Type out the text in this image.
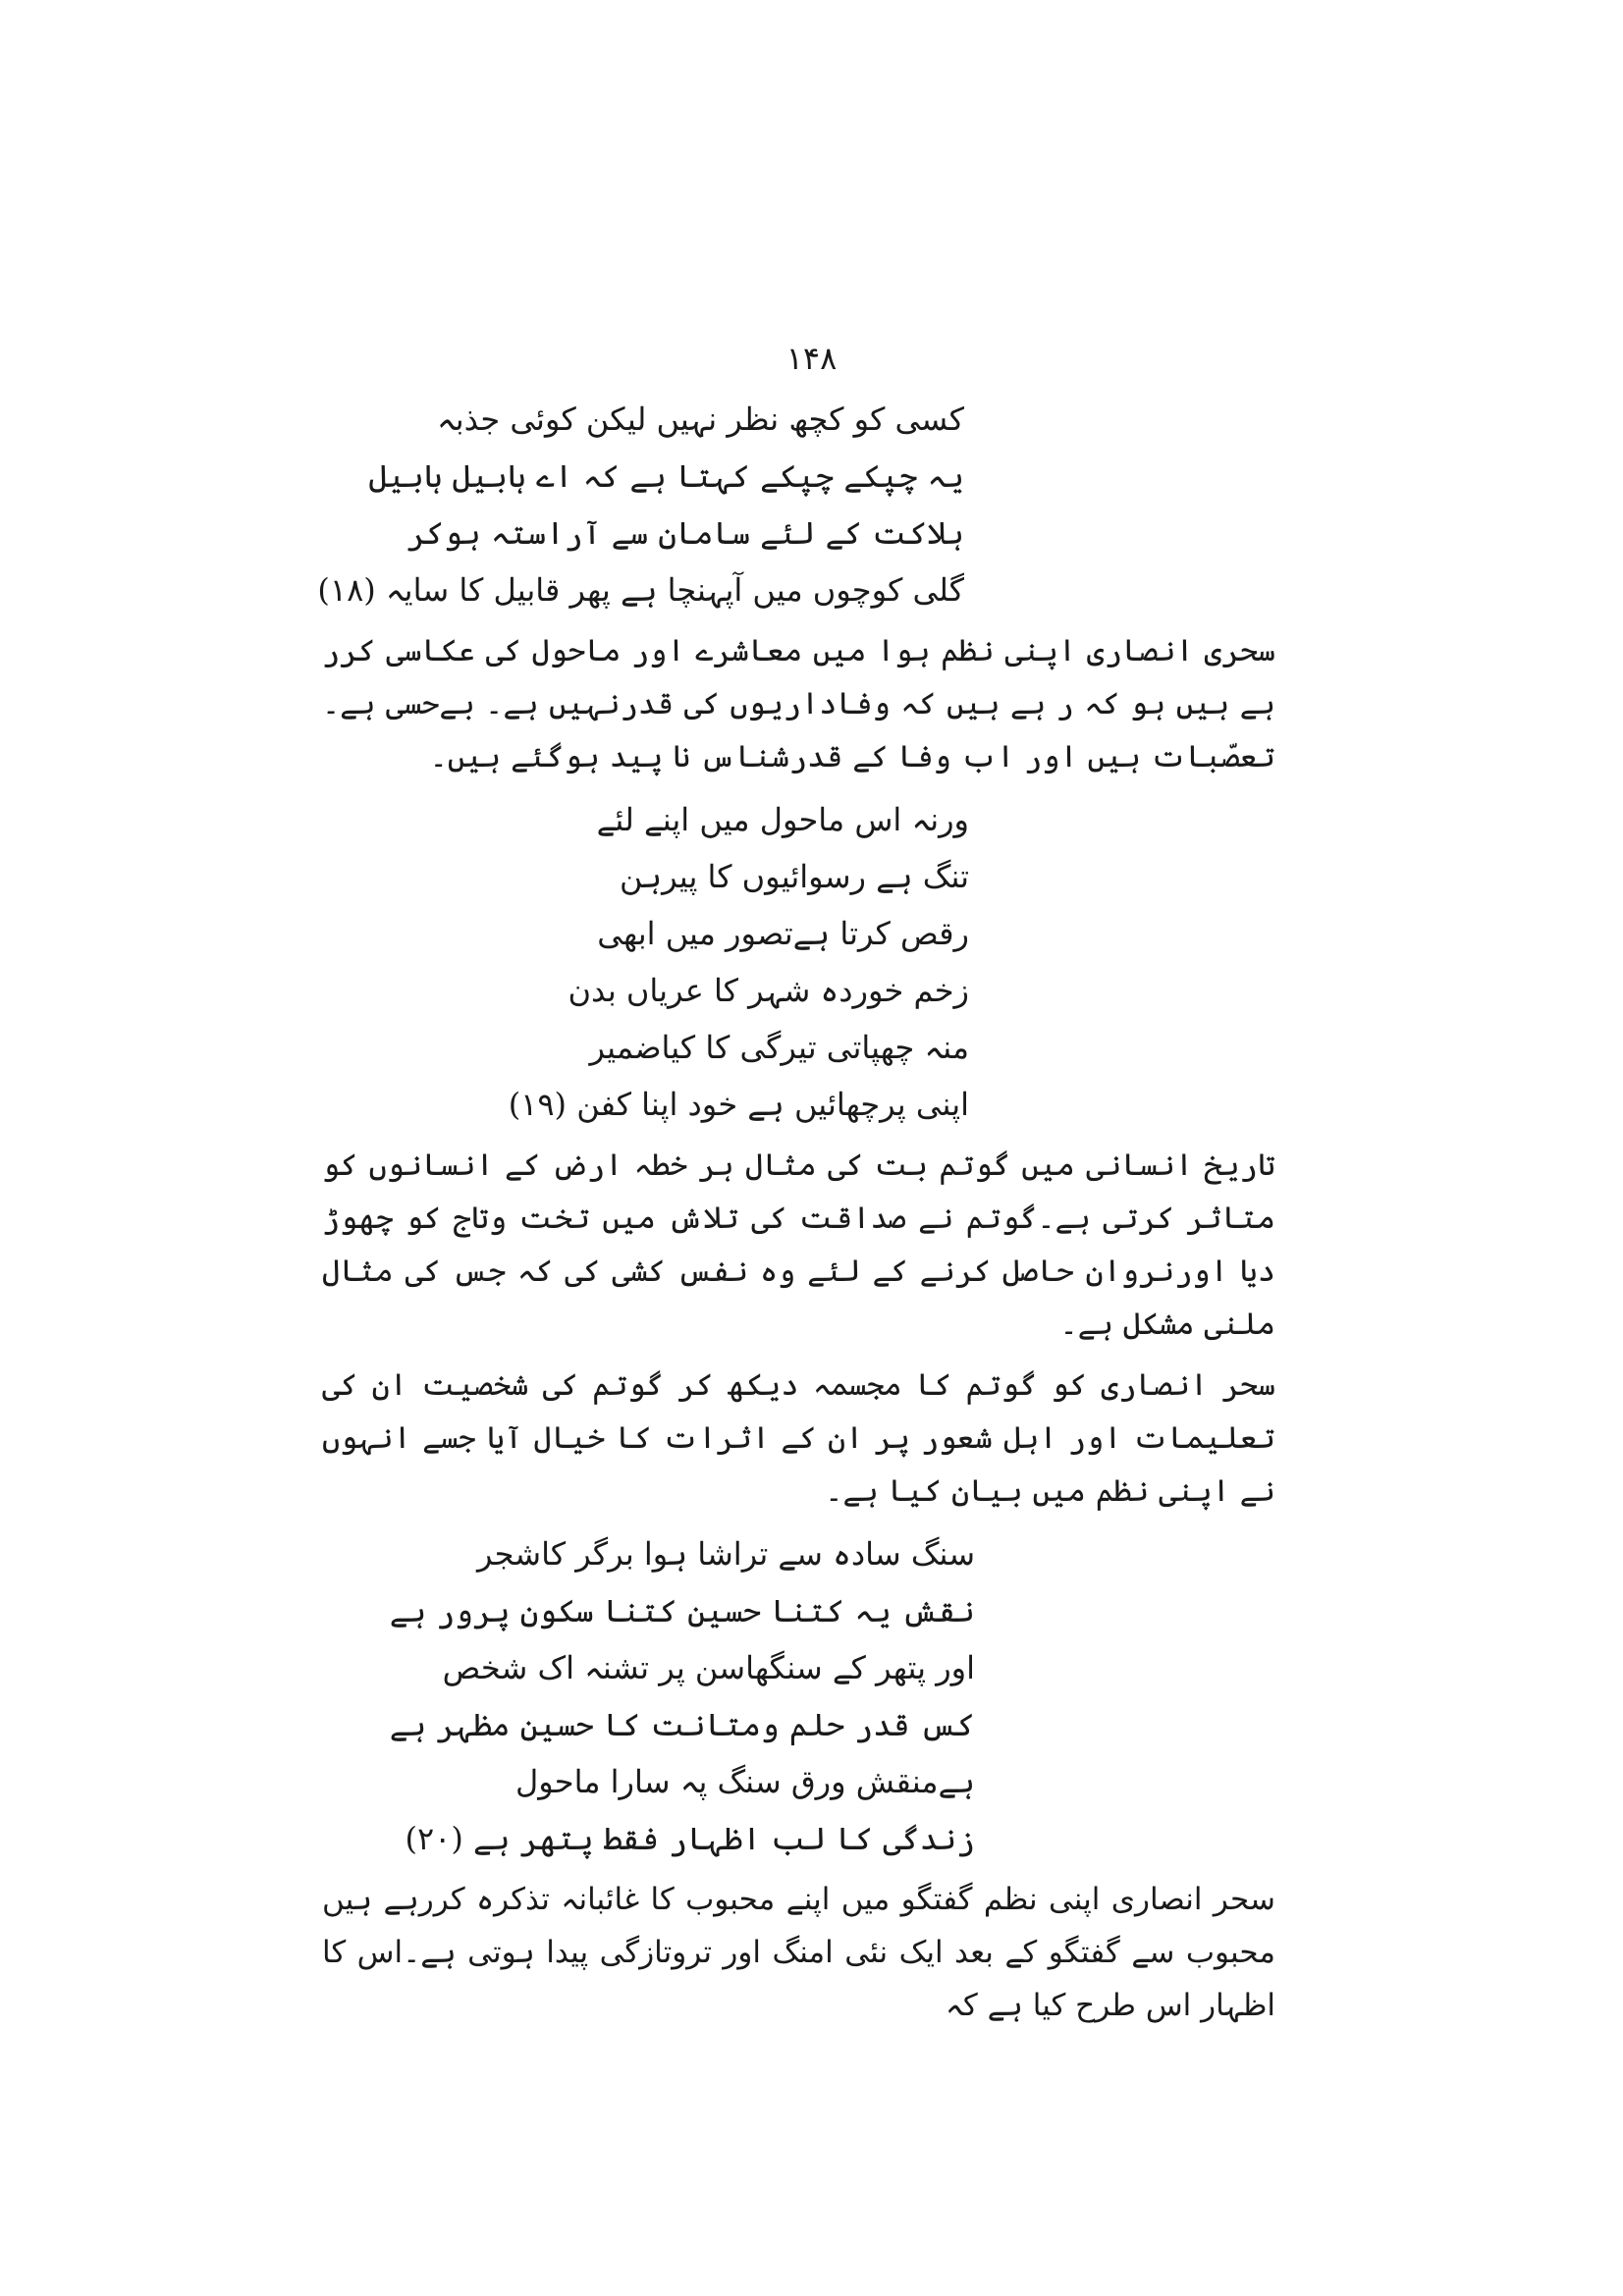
۱۴۸
کسی کو کچھ نظر نہیں لیکن کوئی جذبہ
یہ چپکے چپکے کہتا ہے کہ اے ہابیل ہابیل
ہلاکت کے لئے سامان سے آراستہ ہوکر
گلی کوچوں میں آپہنچا ہے پھر قابیل کا سایہ (۱۸)
سحری انصاری اپنی نظم ہوا میں معاشرے اور ماحول کی عکاسی کرر ہے ہیں ہو کہ ر ہے ہیں کہ وفاداریوں کی قدرنہیں ہے۔ بےحسی ہے۔تعصّبات ہیں اور اب وفا کے قدرشناس نا پید ہوگئے ہیں۔
ورنہ اس ماحول میں اپنے لئے
تنگ ہے رسوائیوں کا پیرہن
رقص کرتا ہےتصور میں ابھی
زخم خوردہ شہر کا عریاں بدن
منہ چھپاتی تیرگی کا کیاضمیر
اپنی پرچھائیں ہے خود اپنا کفن (۱۹)
تاریخ انسانی میں گوتم بت کی مثال ہر خطہ ارض کے انسانوں کو متاثر کرتی ہے۔گوتم نے صداقت کی تلاش میں تخت وتاج کو چھوڑ دیا اورنروان حاصل کرنے کے لئے وہ نفس کشی کی کہ جس کی مثال ملنی مشکل ہے۔
سحر انصاری کو گوتم کا مجسمہ دیکھ کر گوتم کی شخصیت ان کی تعلیمات اور اہل شعور پر ان کے اثرات کا خیال آیا جسے انہوں نے اپنی نظم میں بیان کیا ہے۔
سنگ سادہ سے تراشا ہوا برگر کاشجر
نقش یہ کتنا حسین کتنا سکون پرور ہے
اور پتھر کے سنگھاسن پر تشنہ اک شخص
کس قدر حلم ومتانت کا حسین مظہر ہے
ہےمنقش ورق سنگ پہ سارا ماحول
زندگی کا لب اظہار فقط پتھر ہے (۲۰)
سحر انصاری اپنی نظم گفتگو میں اپنے محبوب کا غائبانہ تذکرہ کررہے ہیں محبوب سے گفتگو کے بعد ایک نئی امنگ اور تروتازگی پیدا ہوتی ہے۔اس کا اظہار اس طرح کیا ہے کہ
